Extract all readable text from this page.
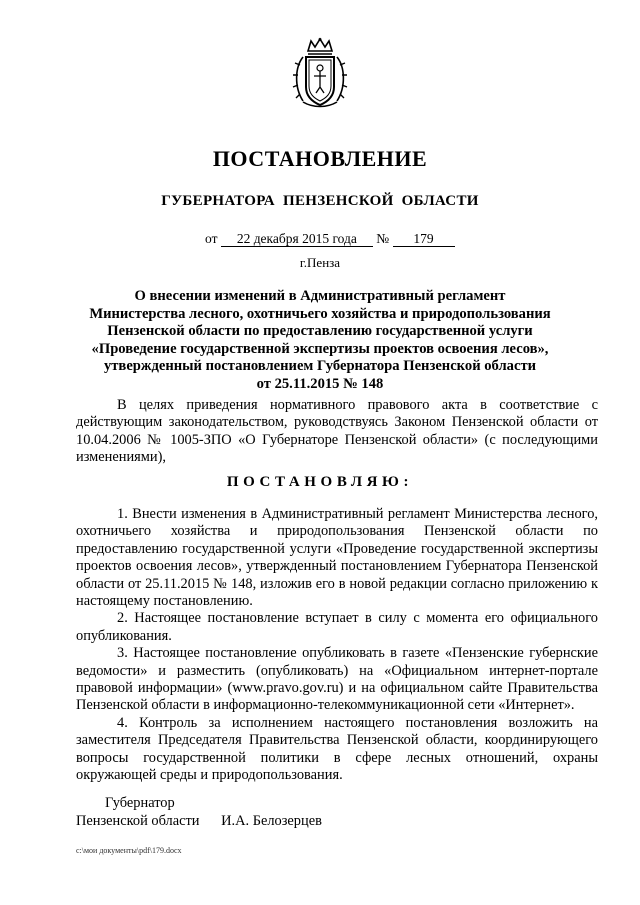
ПОСТАНОВЛЕНИЕ
ГУБЕРНАТОРА ПЕНЗЕНСКОЙ ОБЛАСТИ
от 22 декабря 2015 года № 179
г.Пенза
О внесении изменений в Административный регламент
Министерства лесного, охотничьего хозяйства и природопользования
Пензенской области по предоставлению государственной услуги
«Проведение государственной экспертизы проектов освоения лесов»,
утвержденный постановлением Губернатора Пензенской области
от 25.11.2015 № 148
В целях приведения нормативного правового акта в соответствие с действующим законодательством, руководствуясь Законом Пензенской области от 10.04.2006 № 1005-ЗПО «О Губернаторе Пензенской области» (с последующими изменениями),
ПОСТАНОВЛЯЮ:

1. Внести изменения в Административный регламент Министерства лесного, охотничьего хозяйства и природопользования Пензенской области по предоставлению государственной услуги «Проведение государственной экспертизы проектов освоения лесов», утвержденный постановлением Губернатора Пензенской области от 25.11.2015 № 148, изложив его в новой редакции согласно приложению к настоящему постановлению.

2. Настоящее постановление вступает в силу с момента его официального опубликования.

3. Настоящее постановление опубликовать в газете «Пензенские губернские ведомости» и разместить (опубликовать) на «Официальном интернет-портале правовой информации» (www.pravo.gov.ru) и на официальном сайте Правительства Пензенской области в информационно-телекоммуникационной сети «Интернет».

4. Контроль за исполнением настоящего постановления возложить на заместителя Председателя Правительства Пензенской области, координирующего вопросы государственной политики в сфере лесных отношений, охраны окружающей среды и природопользования.

Губернатор
Пензенской области И.А. Белозерцев
c:\мои документы\pdf\179.docx
